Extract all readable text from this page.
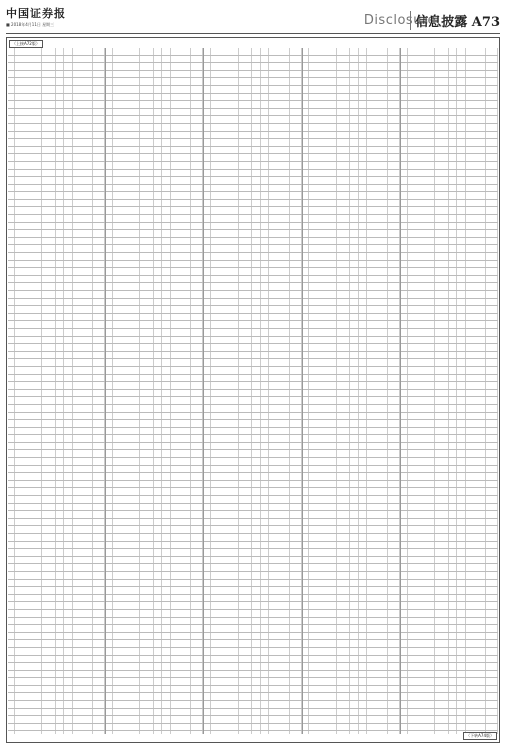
中国证券报
■ 2018年4月11日 星期三	Disclosure
信息披露 A73
（上接A72版）
（下转A74版）
